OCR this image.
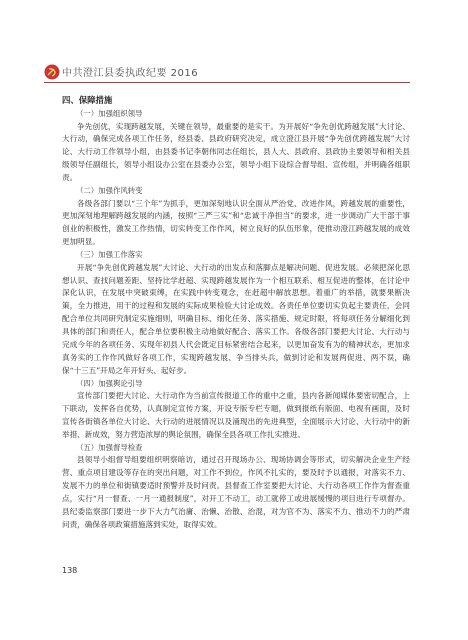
中共澄江县委执政纪要 2016
四、保障措施
（一）加强组织领导

争先创优，实现跨越发展，关键在领导，最重要的是实干。为开展好“争先创优跨越发展”大讨论、大行动，确保完成各项工作任务，经县委、县政府研究决定，成立澄江县开展“争先创优跨越发展”大讨论、大行动工作领导小组，由县委书记李朝伟同志任组长，县人大、县政府、县政协主要领导和相关县级领导任副组长，领导小组设办公室在县委办公室，领导小组下设综合督导组、宣传组，并明确各组职责。

（二）加强作风转变

各级各部门要以“三个年”为抓手，更加深刻地认识全面从严治党、改进作风，跨越发展的重要性，更加深刻地理解跨越发展的内涵，按照“三严三实”和“忠诚干净担当”的要求，进一步调动广大干部干事创业的积极性，激发工作热情，切实转变工作作风，树立良好的队伍形象，使推动澄江跨越发展的成效更加明显。

（三）加强工作落实

开展“争先创优跨越发展”大讨论、大行动的出发点和落脚点是解决问题、促进发展。必须把深化思想认识、查找问题差距、坚持比学赶超、实现跨越发展作为一个相互联系、相互促进的整体，在讨论中深化认识，在发展中突破束缚，在实践中转变观念，在赶超中解放思想。着重广的举措，就要果断决策，全力推进，用干的过程和发展的实际成果检验大讨论成效。各责任单位要切实负起主要责任，会同配合单位共同研究制定实施细则，明确目标、细化任务、落实措施、规定时限，将每项任务分解细化到具体的部门和责任人，配合单位要积极主动地做好配合、落实工作。各级各部门要把大讨论、大行动与完成今年的各项任务、实现年初县人代会既定目标紧密结合起来，以更加奋发有为的精神状态，更加求真务实的工作作风做好各项工作，实现跨越发展、争当排头兵，做到讨论和发展两促进、两不误，确保“十三五”开局之年开好头、起好步。

（四）加强舆论引导

宣传部门要把大讨论、大行动作为当前宣传报道工作的重中之重，县内各新闻媒体要密切配合，上下联动，发挥各自优势，认真制定宣传方案，开设专版专栏专题，做到报纸有版面、电视有画面，及时宣传各街镇各单位大讨论、大行动的进展情况以及涌现出的先进典型，全面展示大讨论、大行动中的新举措、新成效，努力营造浓厚的舆论氛围，确保全县各项工作扎实推进。

（五）加强督导检查

县领导小组督导组要组织明察暗访，通过召开现场办公、现场协调会等形式，切实解决企业生产经营、重点项目建设等存在的突出问题，对工作不到位，作风不扎实的，要及时予以通报，对落实不力、发展不力的单位和街镇要适时预警并及时问责。县督查工作室要把大讨论、大行动各项工作作为督查重点，实行“月一督查、一月一通报制度”，对开工不动工，动工就停工或进展缓慢的项目进行专项督办。县纪委监察部门要进一步下大力气治庸、治懒、治散、治混，对为官不为、落实不力、推动不力的严肃问责，确保各项政策措施落到实处，取得实效。

138
